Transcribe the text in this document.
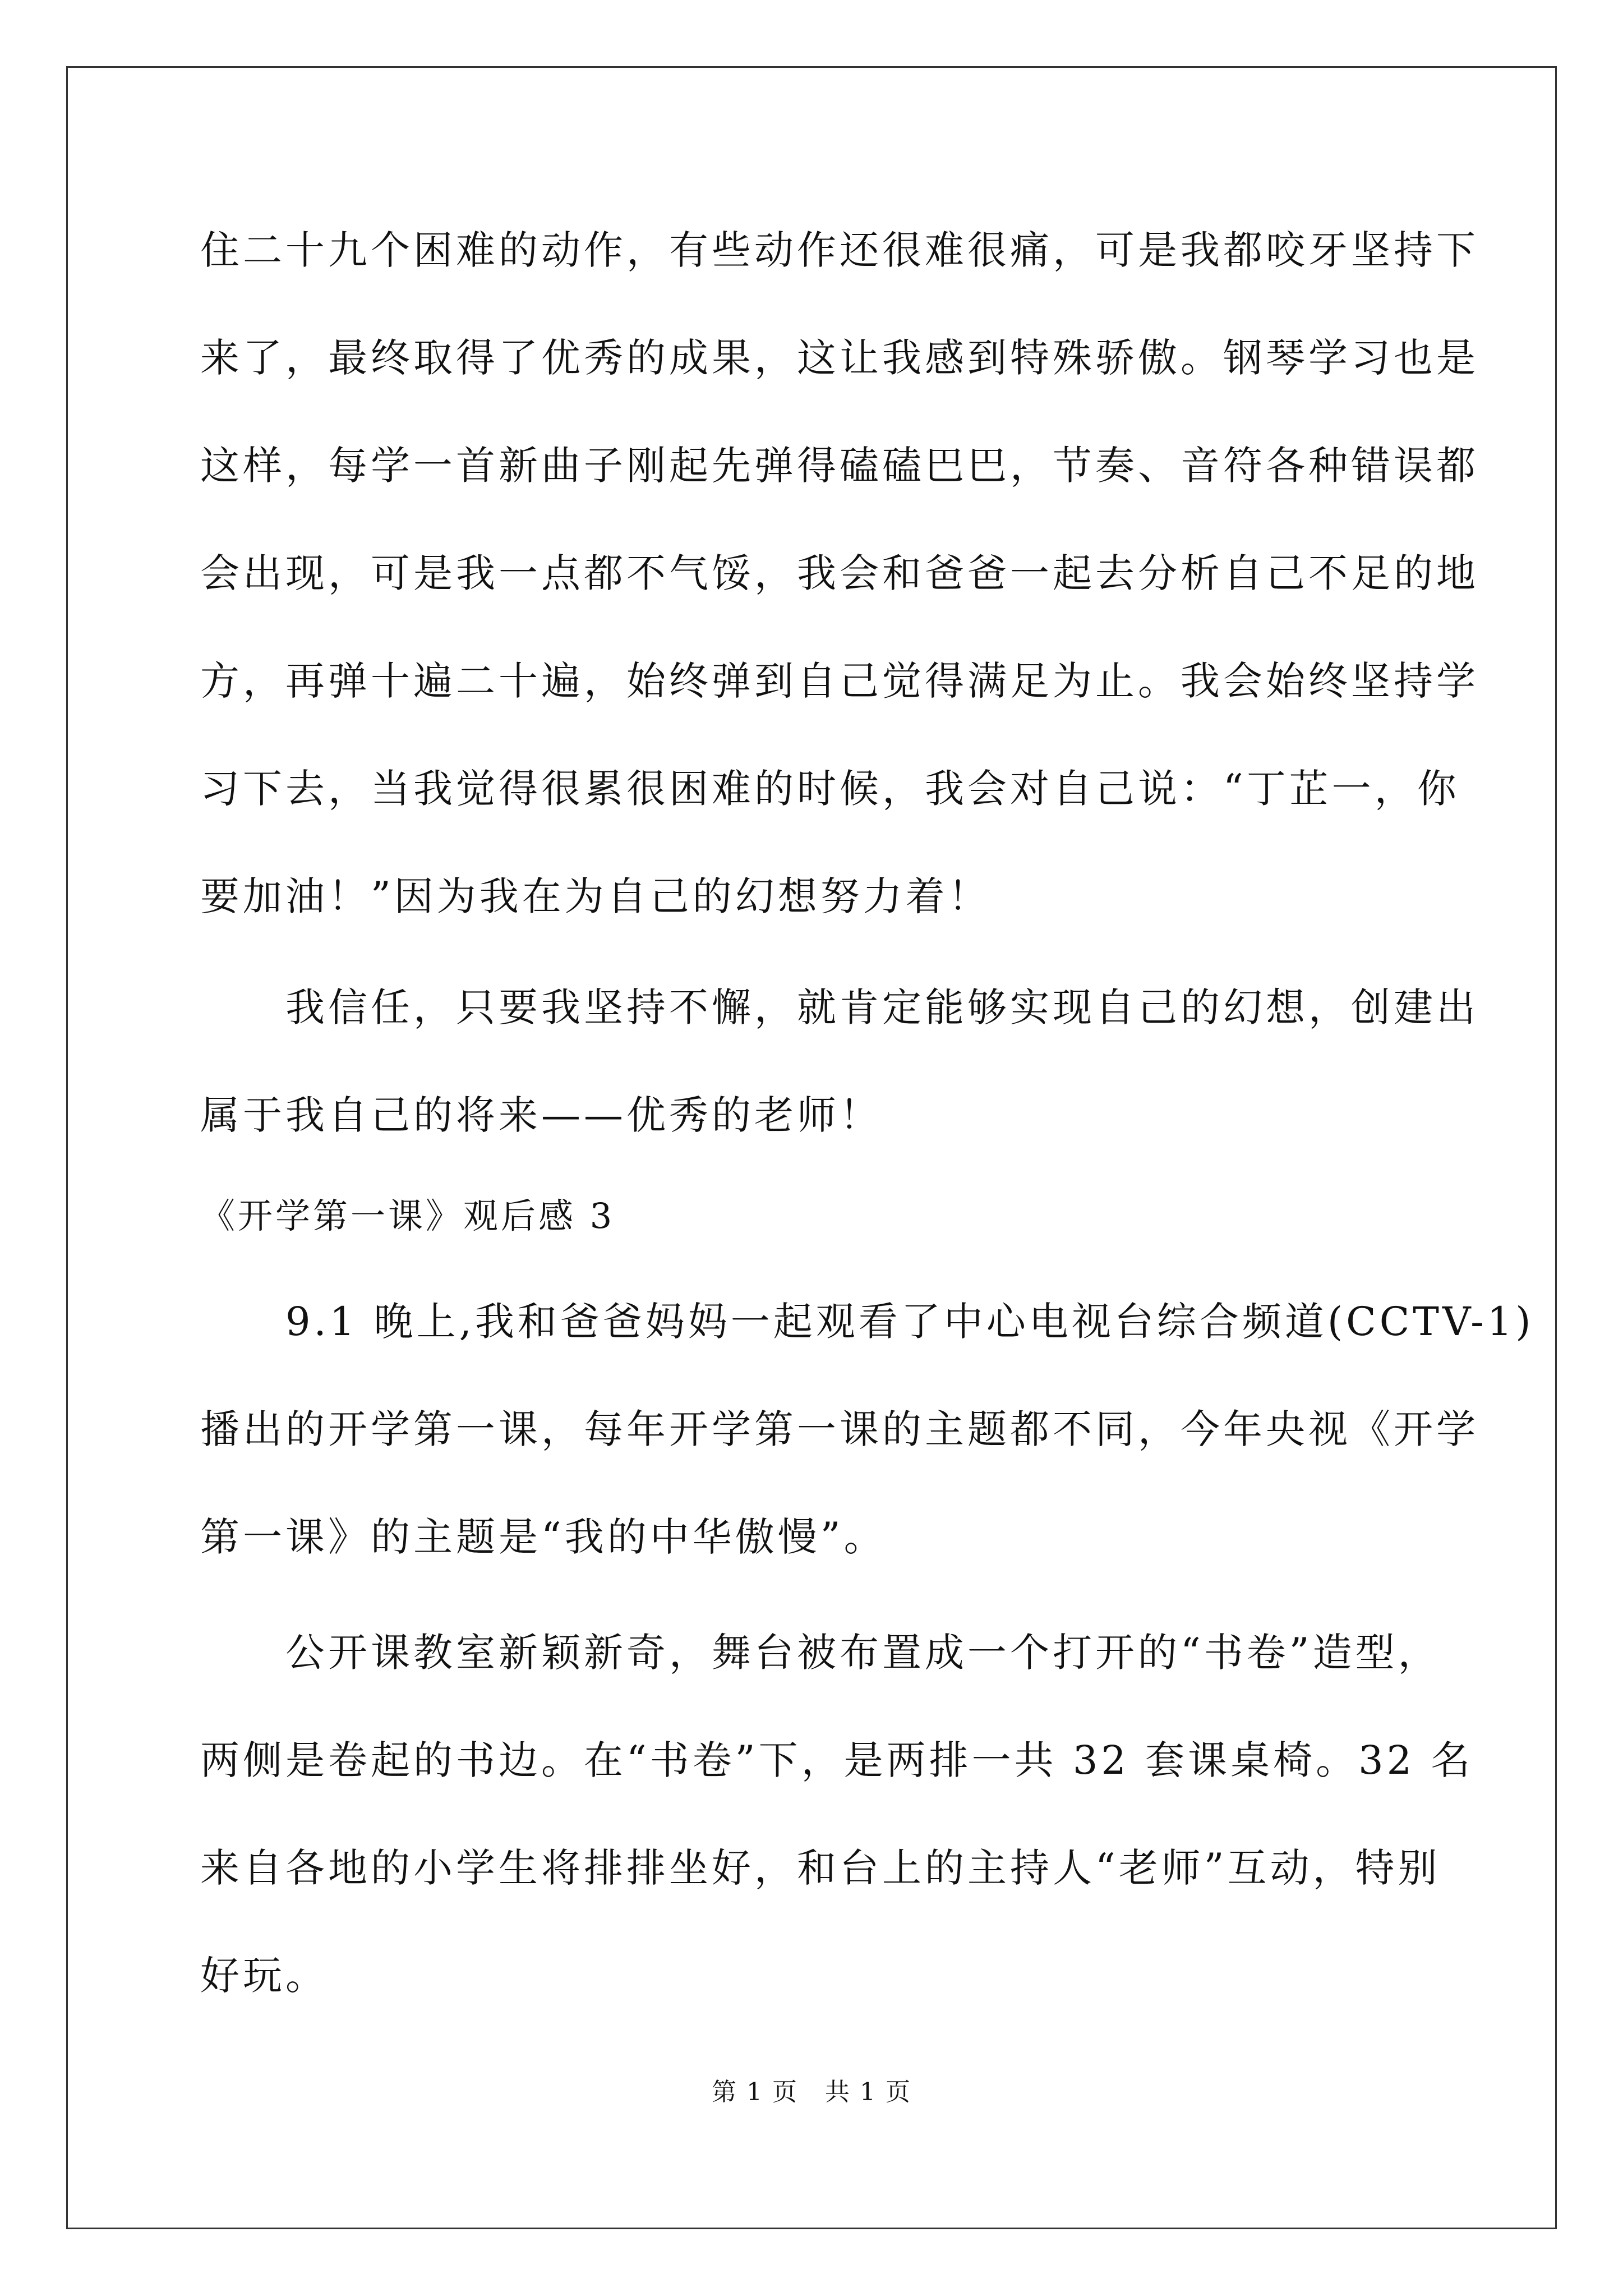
住二十九个困难的动作，有些动作还很难很痛，可是我都咬牙坚持下
来了，最终取得了优秀的成果，这让我感到特殊骄傲。钢琴学习也是
这样，每学一首新曲子刚起先弹得磕磕巴巴，节奏、音符各种错误都
会出现，可是我一点都不气馁，我会和爸爸一起去分析自己不足的地
方，再弹十遍二十遍，始终弹到自己觉得满足为止。我会始终坚持学
习下去，当我觉得很累很困难的时候，我会对自己说：“丁芷一，你
要加油！”因为我在为自己的幻想努力着！
　　我信任，只要我坚持不懈，就肯定能够实现自己的幻想，创建出
属于我自己的将来——优秀的老师！
《开学第一课》观后感 3
　　9.1 晚上,我和爸爸妈妈一起观看了中心电视台综合频道(CCTV-1)
播出的开学第一课，每年开学第一课的主题都不同，今年央视《开学
第一课》的主题是“我的中华傲慢”。
　　公开课教室新颖新奇，舞台被布置成一个打开的“书卷”造型，
两侧是卷起的书边。在“书卷”下，是两排一共 32 套课桌椅。32 名
来自各地的小学生将排排坐好，和台上的主持人“老师”互动，特别
好玩。
第 1 页   共 1 页
